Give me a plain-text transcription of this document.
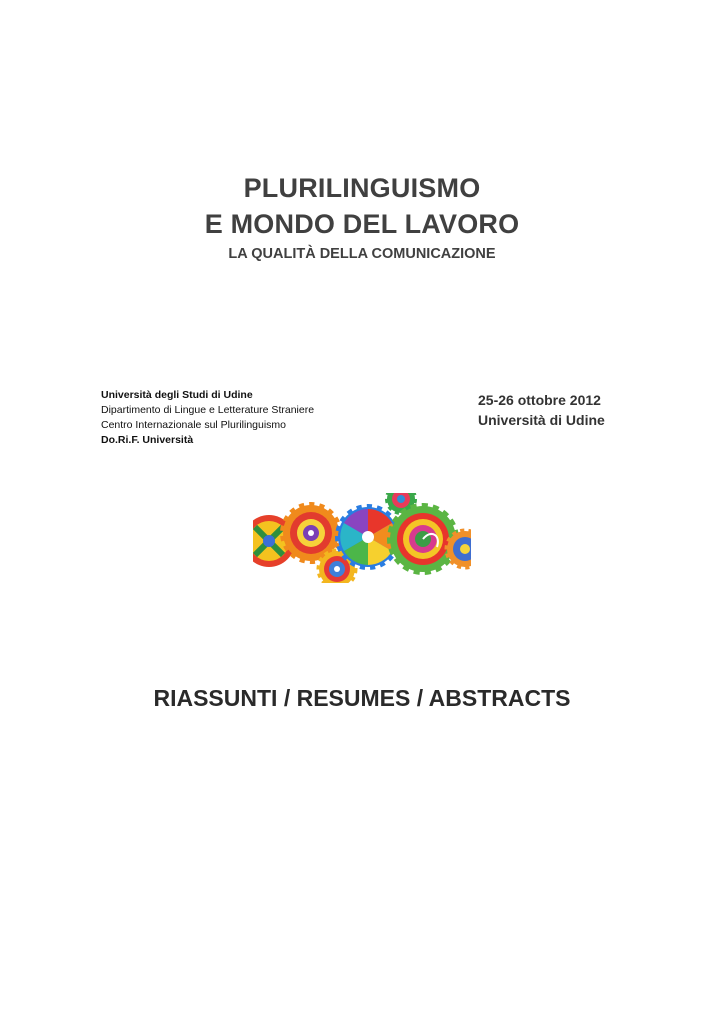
PLURILINGUISMO
E MONDO DEL LAVORO
LA QUALITÀ DELLA COMUNICAZIONE
Università degli Studi di Udine
Dipartimento di Lingue e Letterature Straniere
Centro Internazionale sul Plurilinguismo
Do.Ri.F. Università
25-26 ottobre 2012
Università di Udine
RIASSUNTI / RESUMES / ABSTRACTS
